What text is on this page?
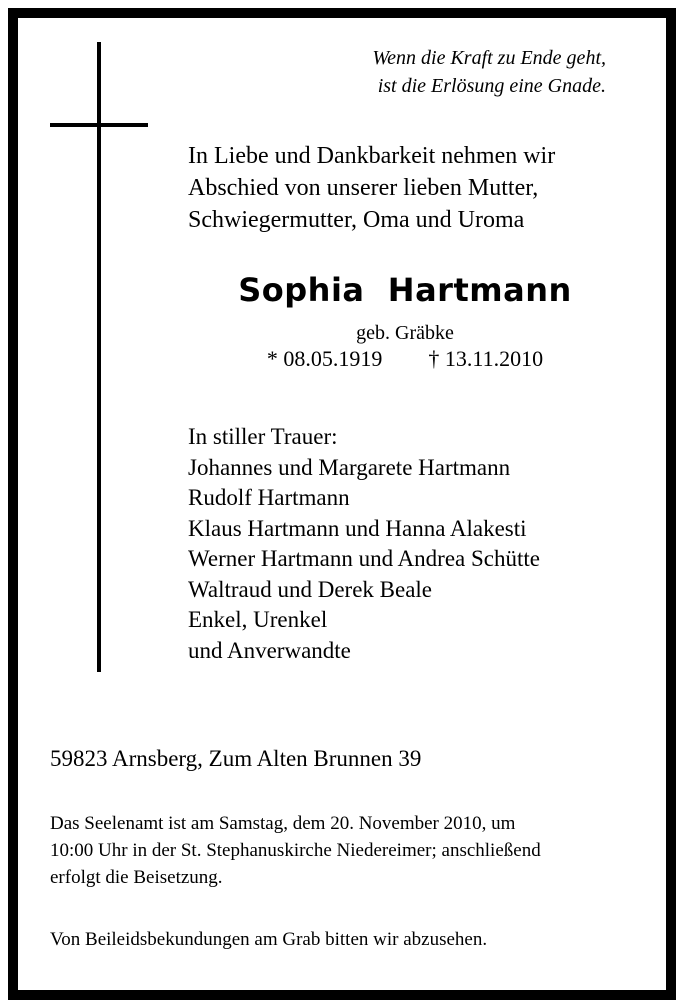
Wenn die Kraft zu Ende geht,
ist die Erlösung eine Gnade.
In Liebe und Dankbarkeit nehmen wir
Abschied von unserer lieben Mutter,
Schwiegermutter, Oma und Uroma
Sophia  Hartmann
geb. Gräbke
* 08.05.1919 † 13.11.2010
In stiller Trauer:
Johannes und Margarete Hartmann
Rudolf Hartmann
Klaus Hartmann und Hanna Alakesti
Werner Hartmann und Andrea Schütte
Waltraud und Derek Beale
Enkel, Urenkel
und Anverwandte
59823 Arnsberg, Zum Alten Brunnen 39
Das Seelenamt ist am Samstag, dem 20. November 2010, um
10:00 Uhr in der St. Stephanuskirche Niedereimer; anschließend
erfolgt die Beisetzung.
Von Beileidsbekundungen am Grab bitten wir abzusehen.
